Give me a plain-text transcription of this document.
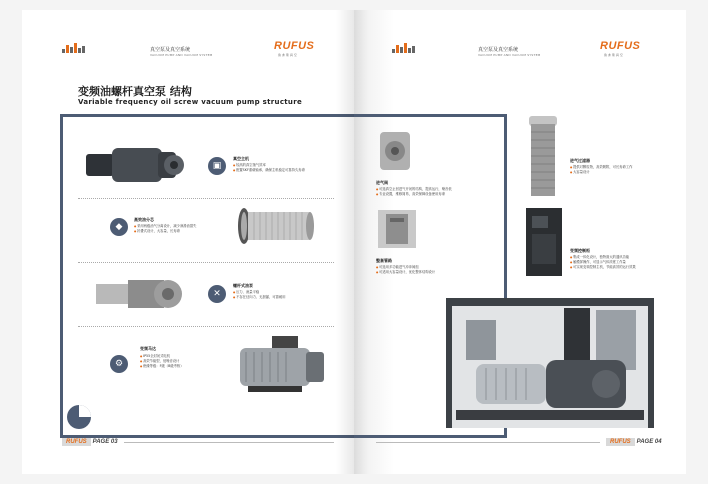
真空泵及真空系统
VACUUM PUMP AND VACUUM SYSTEM
RUFUS
鲁 弗 斯 真 空
变频油螺杆真空泵 结构
Variable frequency oil screw vacuum pump structure
▣
真空主机
● 较高的真空抽气效率
● 配置SKF重载轴承，确保主机稳定可靠持久寿命
◆
高效油分芯
● 采用两级油气分离设计，减少润滑油损失
● 折叠式设计，大容量，长寿命
✕
螺杆式油泵
● 压力、流量平稳
● 不存在径向力、无泄漏，可靠耐用
⚙
变频马达
● IP55全封闭式电机
● 高效节能型，低噪音设计
● 绝缘等级：F级（B级考核）
RUFUS	PAGE 03
真空泵及真空系统
VACUUM PUMP AND VACUUM SYSTEM
RUFUS
鲁 弗 斯 真 空
进气阀
● 可选真空止回进气开闭的结构，提高运行，噪音低
● 专业设置，维修简易，高效保障设备使用寿命
整套管路
● 可选用多功能进气冲冲阀组
● 可适用大容量设计，优化整体结构设计
进气过滤器
● 提供对颗粒物，高效吸附，可长寿命工作
● 大容量设计
变频控制柜
● 集成一体化设计，独特面大的通讯功能
● 触摸屏操作，可显示气体浓度工作量
● 可实现变频控制主机，节能高效的运行效果
RUFUS	PAGE 04
